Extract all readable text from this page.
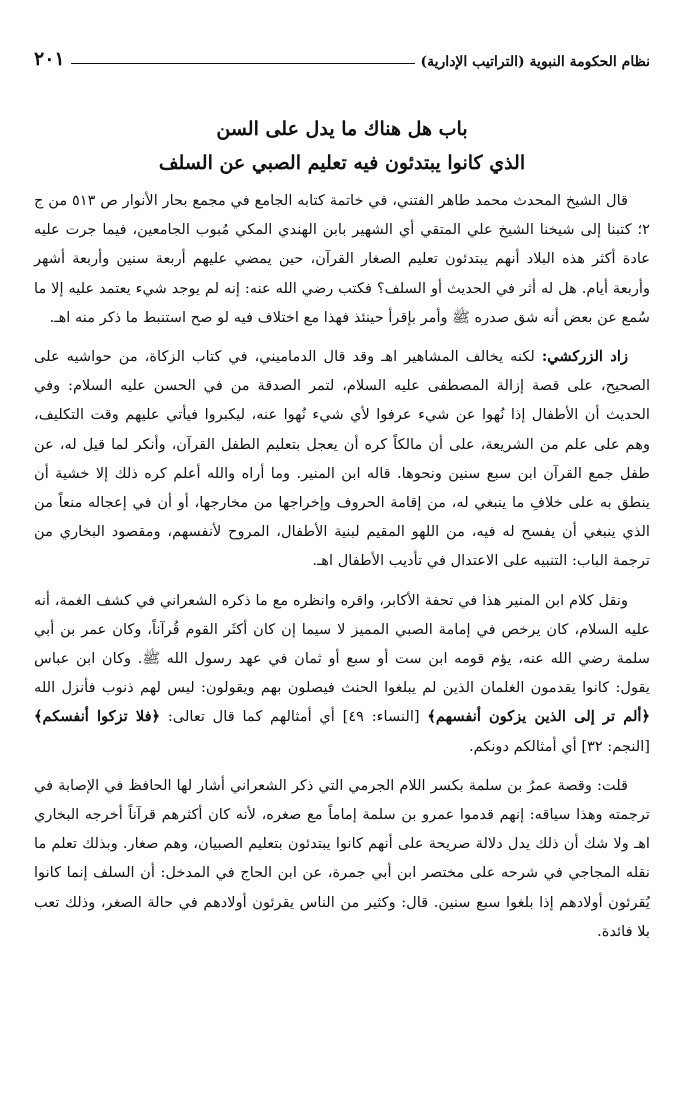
نظام الحكومة النبوية (التراتيب الإدارية)
٢٠١
باب هل هناك ما يدل على السن
الذي كانوا يبتدئون فيه تعليم الصبي عن السلف

قال الشيخ المحدث محمد طاهر الفتني، في خاتمة كتابه الجامع في مجمع بحار الأنوار ص ٥١٣ من ج ٢؛ كتبنا إلى شيخنا الشيخ علي المتقي أي الشهير بابن الهندي المكي مُبوب الجامعين، فيما جرت عليه عادة أكثر هذه البلاد أنهم يبتدئون تعليم الصغار القرآن، حين يمضي عليهم أربعة سنين وأربعة أشهر وأربعة أيام. هل له أثر في الحديث أو السلف؟ فكتب رضي الله عنه: إنه لم يوجد شيء يعتمد عليه إلا ما سُمع عن بعض أنه شق صدره ﷺ وأمر بإقرأ حينئذ فهذا مع اختلاف فيه لو صح استنبط ما ذكر منه اهـ.

زاد الزركشي: لكنه يخالف المشاهير اهـ وقد قال الدماميني، في كتاب الزكاة، من حواشيه على الصحيح، على قصة إزالة المصطفى عليه السلام، لتمر الصدقة من في الحسن عليه السلام: وفي الحديث أن الأطفال إذا نُهوا عن شيء عرفوا لأي شيء نُهوا عنه، ليكبروا فيأتي عليهم وقت التكليف، وهم على علم من الشريعة، على أن مالكاً كره أن يعجل بتعليم الطفل القرآن، وأنكر لما قيل له، عن طفل جمع القرآن ابن سبع سنين ونحوها. قاله ابن المنير. وما أراه والله أعلم كره ذلك إلا خشية أن ينطق به على خلافِ ما ينبغي له، من إقامة الحروف وإخراجها من مخارجها، أو أن في إعجاله منعاً من الذي ينبغي أن يفسح له فيه، من اللهو المقيم لبنية الأطفال، المروح لأنفسهم، ومقصود البخاري من ترجمة الباب: التنبيه على الاعتدال في تأديب الأطفال اهـ.

ونقل كلام ابن المنير هذا في تحفة الأكابر، واقره وانظره مع ما ذكره الشعراني في كشف الغمة، أنه عليه السلام، كان يرخص في إمامة الصبي المميز لا سيما إن كان أكثَر القوم قُرآناً، وكان عمر بن أبي سلمة رضي الله عنه، يؤم قومه ابن ست أو سبع أو ثمان في عهد رسول الله ﷺ. وكان ابن عباس يقول: كانوا يقدمون الغلمان الذين لم يبلغوا الحنث فيصلون بهم ويقولون: ليس لهم ذنوب فأنزل الله ﴿ألم تر إلى الذين يزكون أنفسهم﴾ [النساء: ٤٩] أي أمثالهم كما قال تعالى: ﴿فلا تزكوا أنفسكم﴾ [النجم: ٣٢] أي أمثالكم دونكم.

قلت: وقصة عمرُ بن سلمة بكسر اللام الجرمي التي ذكر الشعراني أشار لها الحافظ في الإصابة في ترجمته وهذا سياقه: إنهم قدموا عمرو بن سلمة إماماً مع صغره، لأنه كان أكثرهم قرآناً أخرجه البخاري اهـ ولا شك أن ذلك يدل دلالة صريحة على أنهم كانوا يبتدئون بتعليم الصبيان، وهم صغار. وبذلك تعلم ما نقله المجاجي في شرحه على مختصر ابن أبي جمرة، عن ابن الحاج في المدخل: أن السلف إنما كانوا يُقرئون أولادهم إذا بلغوا سبع سنين. قال: وكثير من الناس يقرئون أولادهم في حالة الصغر، وذلك تعب بلا فائدة.
